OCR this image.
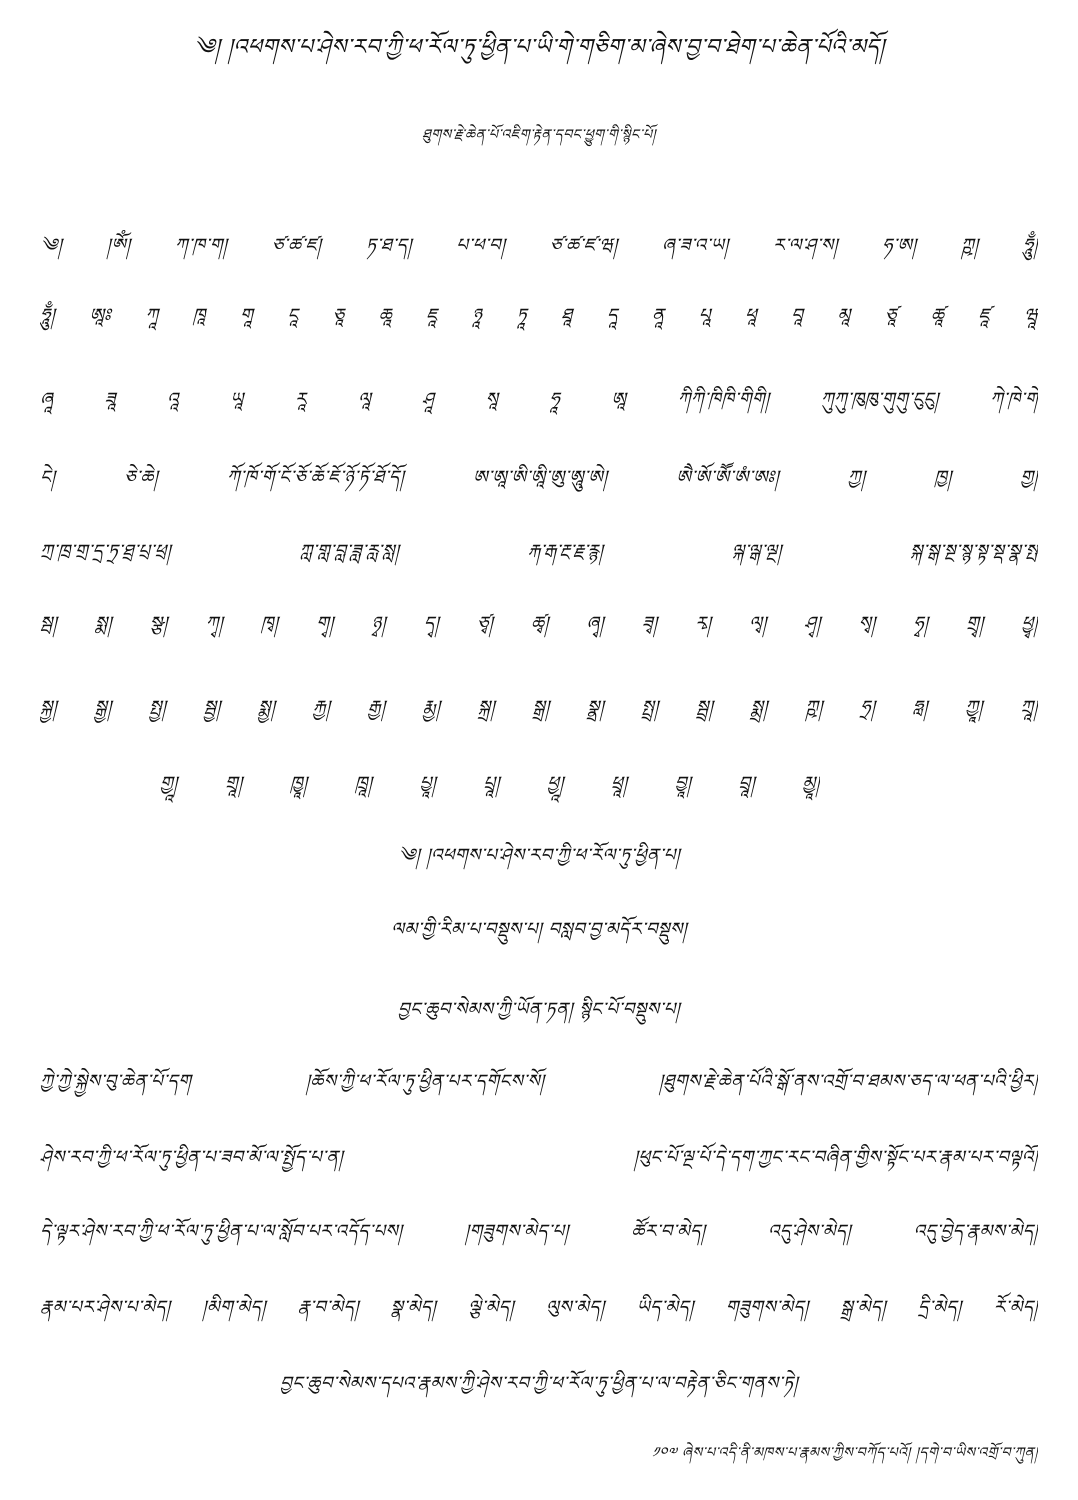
༄། །འཕགས་པ་ཤེས་རབ་ཀྱི་ཕ་རོལ་ཏུ་ཕྱིན་པ་ཡི་གེ་གཅིག་མ་ཞེས་བྱ་བ་ཐེག་པ་ཆེན་པོའི་མདོ།
ཐུགས་རྗེ་ཆེན་པོ་འཇིག་རྟེན་དབང་ཕྱུག་གི་སྙིང་པོ།
༄། །ཨོཾ། ཀ་ཁ་ག། ཙ་ཚ་ཛ། ཏ་ཐ་ད། པ་ཕ་བ། ཙ་ཚ་ཛ་ཝ། ཞ་ཟ་འ་ཡ། ར་ལ་ཤ་ས། ཧ་ཨ། ཀྵ། ཧཱུྃ།
ཧཱུྃ། ཨཱཿ ཀཱ ཁཱ གཱ ངཱ ཅཱ ཆཱ ཇཱ ཉཱ ཏཱ ཐཱ དཱ ནཱ པཱ ཕཱ བཱ མཱ ཙཱ ཚཱ ཛཱ ཝཱ
ཞཱ ཟཱ འཱ ཡཱ རཱ ལཱ ཤཱ སཱ ཧཱ ཨཱ ཀིཀི་ཁིཁི་གིགི། ཀུཀུ་ཁུཁུ་གུགུ་ངུངུ། ཀེ་ཁེ་གེ
ངེ། ཅེ་ཆེ། ཀོ་ཁོ་གོ་ངོ་ཅོ་ཆོ་ཇོ་ཉོ་ཏོ་ཐོ་དོ། ཨ་ཨཱ་ཨི་ཨཱི་ཨུ་ཨཱུ་ཨེ། ཨཻ་ཨོ་ཨཽ་ཨཾ་ཨཿ། ཀྱ། ཁྱ། གྱ།
ཀྲ་ཁྲ་གྲ་དྲ་ཏྲ་ཐྲ་པྲ་ཕྲ། ཀླ་གླ་བླ་ཟླ་རླ་སླ། རྐ་རྒ་རྔ་རྗ་རྙ། ལྐ་ལྒ་ལྔ། སྐ་སྒ་སྔ་སྙ་སྟ་སྡ་སྣ་སྤ
སྦ། སྨ། སྩ། ཀྭ། ཁྭ། གྭ། ཉྭ། དྭ། ཙྭ། ཚྭ། ཞྭ། ཟྭ། རྭ། ལྭ། ཤྭ། སྭ། ཧྭ། གྲྭ། ཕྱྭ།
སྐྱ། སྒྱ། སྤྱ། སྦྱ། སྨྱ། རྐྱ། རྒྱ། རྨྱ། སྐྲ། སྒྲ། སྣྲ། སྤྲ། སྦྲ། སྨྲ། ཀྵ། ཧྲ། ཧླ། ཀྱཱ། ཀྲཱ།
གྱཱ། གྲཱ། ཁྱཱ། ཁྲཱ། པྱཱ། པྲཱ། ཕྱཱ། ཕྲཱ། བྱཱ། བྲཱ། མྱཱ།
༄། །འཕགས་པ་ཤེས་རབ་ཀྱི་ཕ་རོལ་ཏུ་ཕྱིན་པ།
ལམ་གྱི་རིམ་པ་བསྡུས་པ། བསླབ་བྱ་མདོར་བསྡུས།
བྱང་ཆུབ་སེམས་ཀྱི་ཡོན་ཏན། སྙིང་པོ་བསྡུས་པ།
ཀྱེ་ཀྱེ་སྐྱེས་བུ་ཆེན་པོ་དག །ཆོས་ཀྱི་ཕ་རོལ་ཏུ་ཕྱིན་པར་དགོངས་སོ། །ཐུགས་རྗེ་ཆེན་པོའི་སྒོ་ནས་འགྲོ་བ་ཐམས་ཅད་ལ་ཕན་པའི་ཕྱིར།
ཤེས་རབ་ཀྱི་ཕ་རོལ་ཏུ་ཕྱིན་པ་ཟབ་མོ་ལ་སྤྱོད་པ་ན། །ཕུང་པོ་ལྔ་པོ་དེ་དག་ཀྱང་རང་བཞིན་གྱིས་སྟོང་པར་རྣམ་པར་བལྟའོ།
དེ་ལྟར་ཤེས་རབ་ཀྱི་ཕ་རོལ་ཏུ་ཕྱིན་པ་ལ་སློབ་པར་འདོད་པས། །གཟུགས་མེད་པ། ཚོར་བ་མེད། འདུ་ཤེས་མེད། འདུ་བྱེད་རྣམས་མེད།
རྣམ་པར་ཤེས་པ་མེད། །མིག་མེད། རྣ་བ་མེད། སྣ་མེད། ལྕེ་མེད། ལུས་མེད། ཡིད་མེད། གཟུགས་མེད། སྒྲ་མེད། དྲི་མེད། རོ་མེད།
བྱང་ཆུབ་སེམས་དཔའ་རྣམས་ཀྱི་ཤེས་རབ་ཀྱི་ཕ་རོལ་ཏུ་ཕྱིན་པ་ལ་བརྟེན་ཅིང་གནས་ཏེ།
༡༠༧ ཞེས་པ་འདི་ནི་མཁས་པ་རྣམས་ཀྱིས་བཀོད་པའོ། །དགེ་བ་ཡིས་འགྲོ་བ་ཀུན།
